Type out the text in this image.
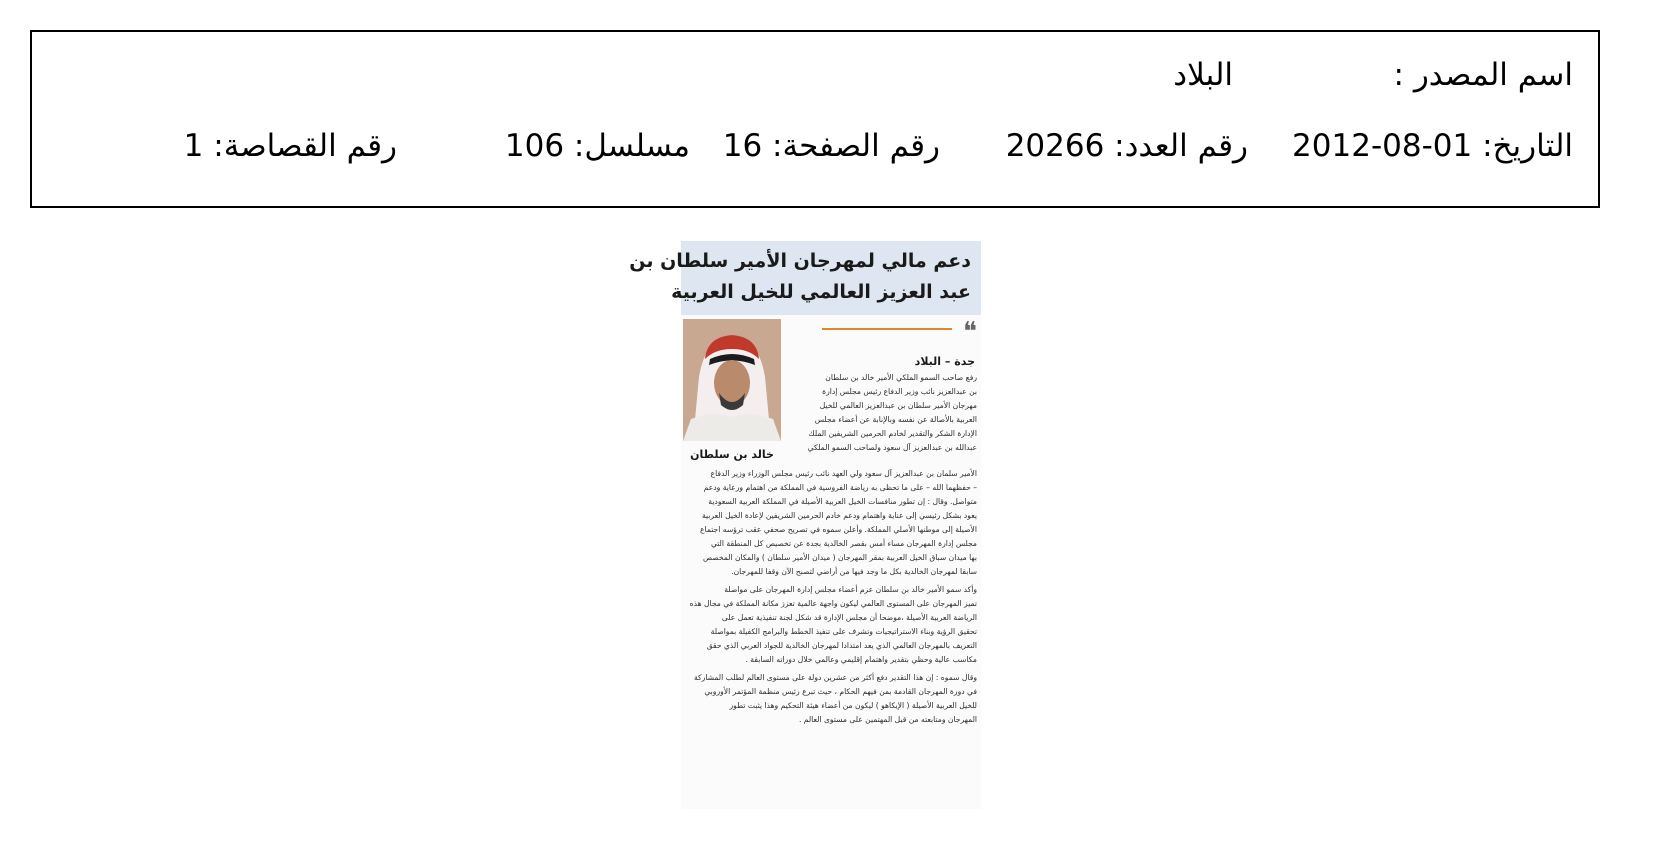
اسم المصدر :
البلاد
التاريخ: 01-08-2012
رقم العدد: 20266
رقم الصفحة: 16
مسلسل: 106
رقم القصاصة: 1
دعم مالي لمهرجان الأمير سلطان بن
عبد العزيز العالمي للخيل العربية
❝
خالد بن سلطان
جدة – البلاد
رفع صاحب السمو الملكي الأمير خالد بن سلطان
بن عبدالعزيز نائب وزير الدفاع رئيس مجلس إدارة
مهرجان الأمير سلطان بن عبدالعزيز العالمي للخيل
العربية بالأصالة عن نفسه وبالإنابة عن أعضاء مجلس
الإدارة الشكر والتقدير لخادم الحرمين الشريفين الملك
عبدالله بن عبدالعزيز آل سعود ولصاحب السمو الملكي
الأمير سلمان بن عبدالعزيز آل سعود ولي العهد نائب رئيس مجلس الوزراء وزير الدفاع
– حفظهما الله – على ما تحظى به رياضة الفروسية في المملكة من اهتمام ورعاية ودعم
متواصل. وقال : إن تطور منافسات الخيل العربية الأصيلة في المملكة العربية السعودية
يعود بشكل رئيسي إلى عناية واهتمام ودعم خادم الحرمين الشريفين لإعادة الخيل العربية
الأصيلة إلى موطنها الأصلي المملكة. وأعلن سموه في تصريح صحفي عقب ترؤسه اجتماع
مجلس إدارة المهرجان مساء أمس بقصر الخالدية بجدة عن تخصيص كل المنطقة التي
بها ميدان سباق الخيل العربية بمقر المهرجان ( ميدان الأمير سلطان ) والمكان المخصص
سابقا لمهرجان الخالدية بكل ما وجد فيها من أراضي لتصبح الآن وقفا للمهرجان.
وأكد سمو الأمير خالد بن سلطان عزم أعضاء مجلس إدارة المهرجان على مواصلة
تميز المهرجان على المستوى العالمي ليكون واجهة عالمية تعزز مكانة المملكة في مجال هذه
الرياضة العربية الأصيلة ،موضحا أن مجلس الإدارة قد شكل لجنة تنفيذية تعمل على
تحقيق الرؤية وبناء الاستراتيجيات وتشرف على تنفيذ الخطط والبرامج الكفيلة بمواصلة
التعريف بالمهرجان العالمي الذي يعد امتدادا لمهرجان الخالدية للجواد العربي الذي حقق
مكاسب عالية وحظي بتقدير واهتمام إقليمي وعالمي خلال دوراته السابقة .
وقال سموه : إن هذا التقدير دفع أكثر من عشرين دولة على مستوى العالم لطلب المشاركة
في دورة المهرجان القادمة بمن فيهم الحكام ، حيث تبرع رئيس منظمة المؤتمر الأوروبي
للخيل العربية الأصيلة ( الإيكاهو ) ليكون من أعضاء هيئة التحكيم وهذا يثبت تطور
المهرجان ومتابعته من قبل المهتمين على مستوى العالم .
